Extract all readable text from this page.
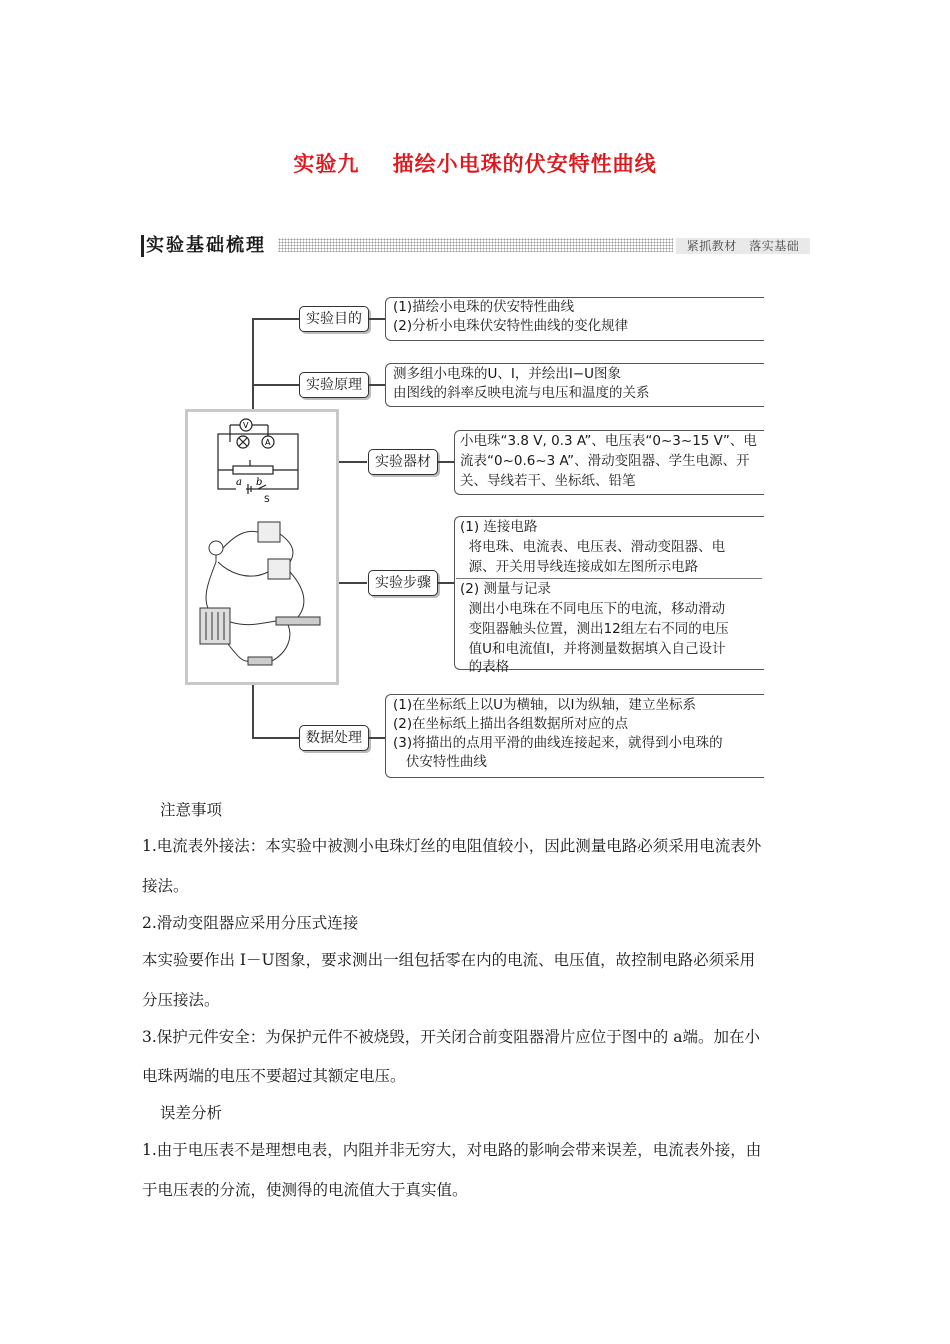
实验九    描绘小电珠的伏安特性曲线
实验基础梳理	紧抓教材　落实基础
实验目的
(1)描绘小电珠的伏安特性曲线
(2)分析小电珠伏安特性曲线的变化规律
实验原理
测多组小电珠的U、I，并绘出I−U图象
由图线的斜率反映电流与电压和温度的关系
实验器材
小电珠“3.8 V, 0.3 A”、电压表“0~3~15 V”、电
流表“0~0.6~3 A”、滑动变阻器、学生电源、开
关、导线若干、坐标纸、铅笔
实验步骤
(1) 连接电路
将电珠、电流表、电压表、滑动变阻器、电
源、开关用导线连接成如左图所示电路
(2) 测量与记录
测出小电珠在不同电压下的电流，移动滑动
变阻器触头位置，测出12组左右不同的电压
值U和电流值I，并将测量数据填入自己设计
的表格
数据处理
(1)在坐标纸上以U为横轴，以I为纵轴，建立坐标系
(2)在坐标纸上描出各组数据所对应的点
(3)将描出的点用平滑的曲线连接起来，就得到小电珠的
伏安特性曲线
V
A
a b
S
注意事项
1.电流表外接法：本实验中被测小电珠灯丝的电阻值较小，因此测量电路必须采用电流表外
接法。
2.滑动变阻器应采用分压式连接
本实验要作出 I－U图象，要求测出一组包括零在内的电流、电压值，故控制电路必须采用
分压接法。
3.保护元件安全：为保护元件不被烧毁，开关闭合前变阻器滑片应位于图中的 a端。加在小
电珠两端的电压不要超过其额定电压。
误差分析
1.由于电压表不是理想电表，内阻并非无穷大，对电路的影响会带来误差，电流表外接，由
于电压表的分流，使测得的电流值大于真实值。
